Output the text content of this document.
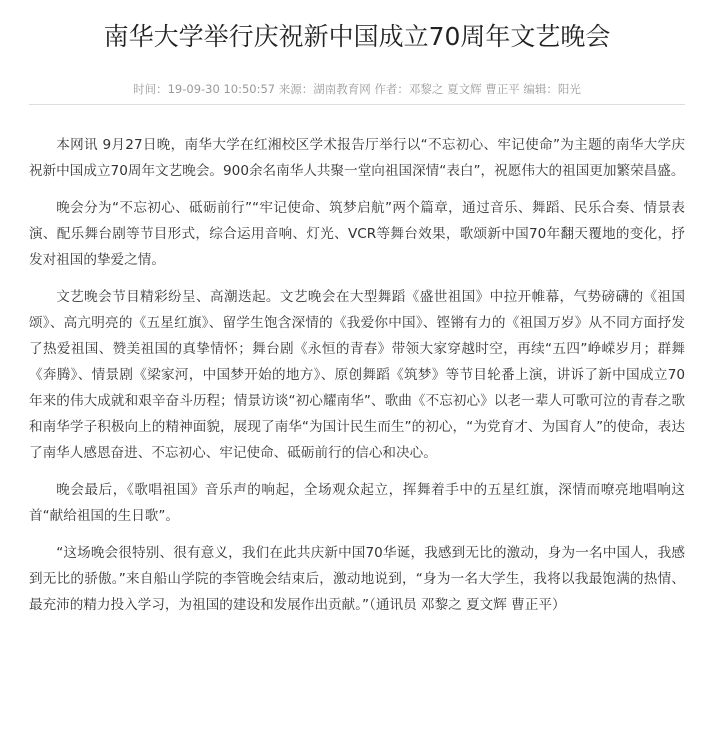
南华大学举行庆祝新中国成立70周年文艺晚会
时间：19-09-30 10:50:57 来源：湖南教育网 作者：邓黎之 夏文辉 曹正平 编辑：阳光

本网讯 9月27日晚，南华大学在红湘校区学术报告厅举行以“不忘初心、牢记使命”为主题的南华大学庆祝新中国成立70周年文艺晚会。900余名南华人共聚一堂向祖国深情“表白”，祝愿伟大的祖国更加繁荣昌盛。

晚会分为“不忘初心、砥砺前行”“牢记使命、筑梦启航”两个篇章，通过音乐、舞蹈、民乐合奏、情景表演、配乐舞台剧等节目形式，综合运用音响、灯光、VCR等舞台效果，歌颂新中国70年翻天覆地的变化，抒发对祖国的挚爱之情。

文艺晚会节目精彩纷呈、高潮迭起。文艺晚会在大型舞蹈《盛世祖国》中拉开帷幕，气势磅礴的《祖国颂》、高亢明亮的《五星红旗》、留学生饱含深情的《我爱你中国》、铿锵有力的《祖国万岁》从不同方面抒发了热爱祖国、赞美祖国的真挚情怀；舞台剧《永恒的青春》带领大家穿越时空，再续“五四”峥嵘岁月；群舞《奔腾》、情景剧《梁家河，中国梦开始的地方》、原创舞蹈《筑梦》等节目轮番上演，讲诉了新中国成立70年来的伟大成就和艰辛奋斗历程；情景访谈“初心耀南华”、歌曲《不忘初心》以老一辈人可歌可泣的青春之歌和南华学子积极向上的精神面貌，展现了南华“为国计民生而生”的初心，“为党育才、为国育人”的使命，表达了南华人感恩奋进、不忘初心、牢记使命、砥砺前行的信心和决心。

晚会最后，《歌唱祖国》音乐声的响起，全场观众起立，挥舞着手中的五星红旗，深情而嘹亮地唱响这首“献给祖国的生日歌”。

“这场晚会很特别、很有意义，我们在此共庆新中国70华诞，我感到无比的激动，身为一名中国人，我感到无比的骄傲。”来自船山学院的李管晚会结束后，激动地说到，“身为一名大学生，我将以我最饱满的热情、最充沛的精力投入学习，为祖国的建设和发展作出贡献。”（通讯员 邓黎之 夏文辉 曹正平）
